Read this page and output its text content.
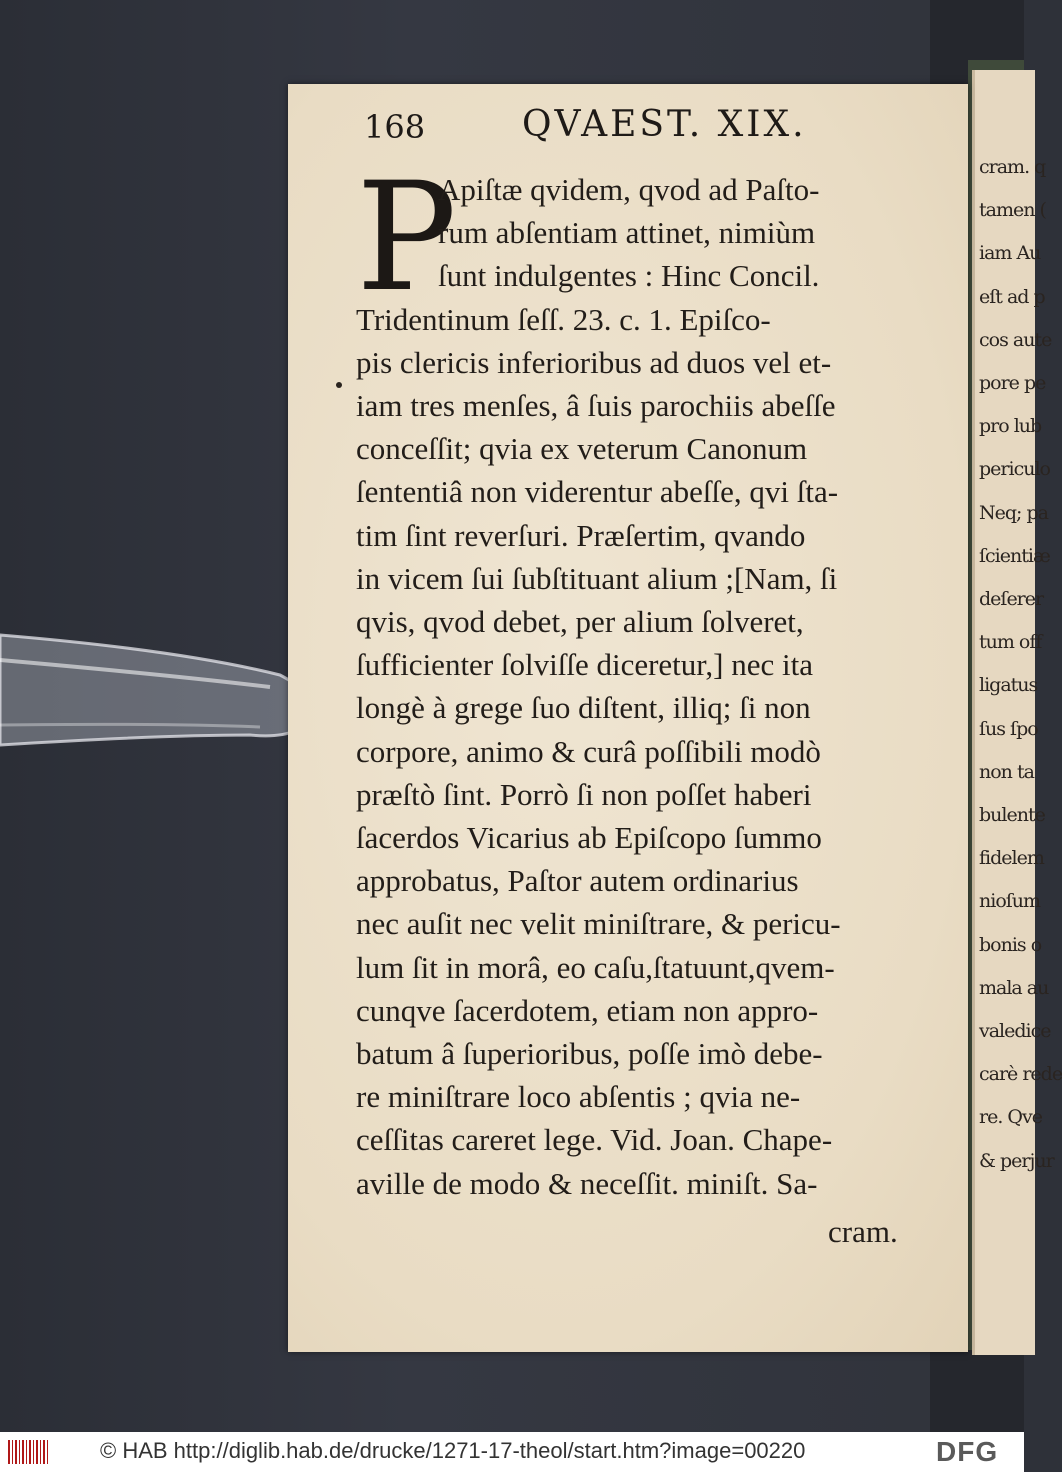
cram. q
tamen (
iam Au
eſt ad p
cos aute
pore pe
pro lub
periculo
Neq; pa
ſcientiæ
deſerer
tum off
ligatus
ſus ſpo
non ta
bulente
fidelem
nioſum
bonis o
mala au
valedice
carè rede
re. Qve
& perjur
168	QVAEST. XIX.
P
Apiſtæ qvidem, qvod ad Paſto-
rum abſentiam attinet, nimiùm
ſunt indulgentes : Hinc Concil.
Tridentinum ſeſſ. 23. c. 1. Epiſco-
pis clericis inferioribus ad duos vel et-
iam tres menſes, â ſuis parochiis abeſſe
conceſſit; qvia ex veterum Canonum
ſententiâ non viderentur abeſſe, qvi ſta-
tim ſint reverſuri. Præſertim, qvando
in vicem ſui ſubſtituant alium ;[Nam, ſi
qvis, qvod debet, per alium ſolveret,
ſufficienter ſolviſſe diceretur,] nec ita
longè à grege ſuo diſtent, illiq; ſi non
corpore, animo & curâ poſſibili modò
præſtò ſint. Porrò ſi non poſſet haberi
ſacerdos Vicarius ab Epiſcopo ſummo
approbatus, Paſtor autem ordinarius
nec auſit nec velit miniſtrare, & pericu-
lum ſit in morâ, eo caſu,ſtatuunt,qvem-
cunqve ſacerdotem, etiam non appro-
batum â ſuperioribus, poſſe imò debe-
re miniſtrare loco abſentis ; qvia ne-
ceſſitas careret lege. Vid. Joan. Chape-
aville de modo & neceſſit. miniſt. Sa-
cram.
© HAB http://diglib.hab.de/drucke/1271-17-theol/start.htm?image=00220	DFG
